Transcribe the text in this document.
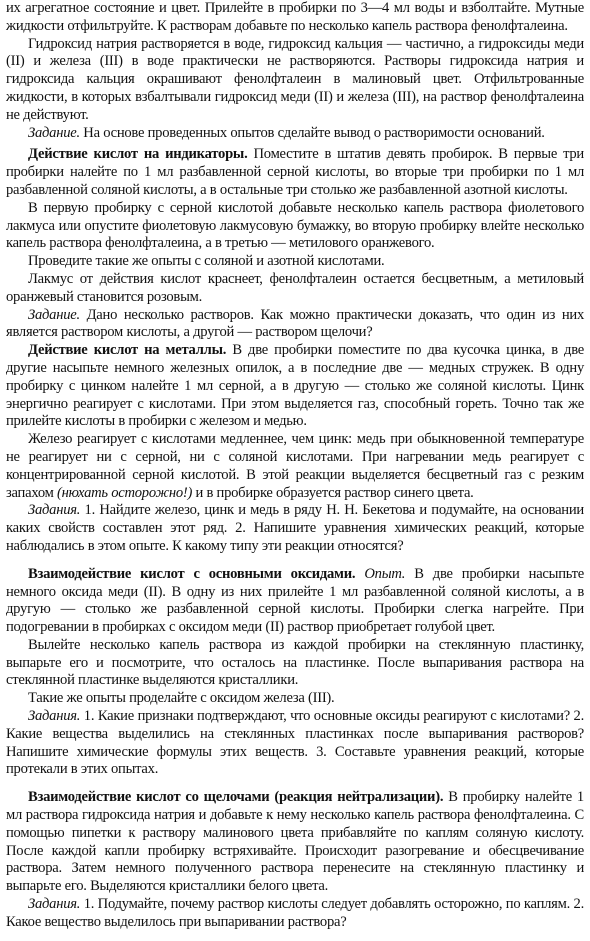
их агрегатное состояние и цвет. Прилейте в пробирки по 3—4 мл воды и взболтайте. Мутные жидкости отфильтруйте. К растворам добавьте по несколько капель раствора фенолфталеина.

Гидроксид натрия растворяется в воде, гидроксид кальция — частично, а гидроксиды меди (II) и железа (III) в воде практически не растворяются. Растворы гидроксида натрия и гидроксида кальция окрашивают фенолфталеин в малиновый цвет. Отфильтрованные жидкости, в которых взбалтывали гидроксид меди (II) и железа (III), на раствор фенолфталеина не действуют.

Задание. На основе проведенных опытов сделайте вывод о растворимости оснований.

Действие кислот на индикаторы. Поместите в штатив девять пробирок. В первые три пробирки налейте по 1 мл разбавленной серной кислоты, во вторые три пробирки по 1 мл разбавленной соляной кислоты, а в остальные три столько же разбавленной азотной кислоты.

В первую пробирку с серной кислотой добавьте несколько капель раствора фиолетового лакмуса или опустите фиолетовую лакмусовую бумажку, во вторую пробирку влейте несколько капель раствора фенолфталеина, а в третью — метилового оранжевого.

Проведите такие же опыты с соляной и азотной кислотами.

Лакмус от действия кислот краснеет, фенолфталеин остается бесцветным, а метиловый оранжевый становится розовым.

Задание. Дано несколько растворов. Как можно практически доказать, что один из них является раствором кислоты, а другой — раствором щелочи?

Действие кислот на металлы. В две пробирки поместите по два кусочка цинка, в две другие насыпьте немного железных опилок, а в последние две — медных стружек. В одну пробирку с цинком налейте 1 мл серной, а в другую — столько же соляной кислоты. Цинк энергично реагирует с кислотами. При этом выделяется газ, способный гореть. Точно так же прилейте кислоты в пробирки с железом и медью.

Железо реагирует с кислотами медленнее, чем цинк: медь при обыкновенной температуре не реагирует ни с серной, ни с соляной кислотами. При нагревании медь реагирует с концентрированной серной кислотой. В этой реакции выделяется бесцветный газ с резким запахом (нюхать осторожно!) и в пробирке образуется раствор синего цвета.

Задания. 1. Найдите железо, цинк и медь в ряду Н. Н. Бекетова и подумайте, на основании каких свойств составлен этот ряд. 2. Напишите уравнения химических реакций, которые наблюдались в этом опыте. К какому типу эти реакции относятся?

Взаимодействие кислот с основными оксидами. Опыт. В две пробирки насыпьте немного оксида меди (II). В одну из них прилейте 1 мл разбавленной соляной кислоты, а в другую — столько же разбавленной серной кислоты. Пробирки слегка нагрейте. При подогревании в пробирках с оксидом меди (II) раствор приобретает голубой цвет.

Вылейте несколько капель раствора из каждой пробирки на стеклянную пластинку, выпарьте его и посмотрите, что осталось на пластинке. После выпаривания раствора на стеклянной пластинке выделяются кристаллики.

Такие же опыты проделайте с оксидом железа (III).

Задания. 1. Какие признаки подтверждают, что основные оксиды реагируют с кислотами? 2. Какие вещества выделились на стеклянных пластинках после выпаривания растворов? Напишите химические формулы этих веществ. 3. Составьте уравнения реакций, которые протекали в этих опытах.

Взаимодействие кислот со щелочами (реакция нейтрализации). В пробирку налейте 1 мл раствора гидроксида натрия и добавьте к нему несколько капель раствора фенолфталеина. С помощью пипетки к раствору малинового цвета прибавляйте по каплям соляную кислоту. После каждой капли пробирку встряхивайте. Происходит разогревание и обесцвечивание раствора. Затем немного полученного раствора перенесите на стеклянную пластинку и выпарьте его. Выделяются кристаллики белого цвета.

Задания. 1. Подумайте, почему раствор кислоты следует добавлять осторожно, по каплям. 2. Какое вещество выделилось при выпаривании раствора?
